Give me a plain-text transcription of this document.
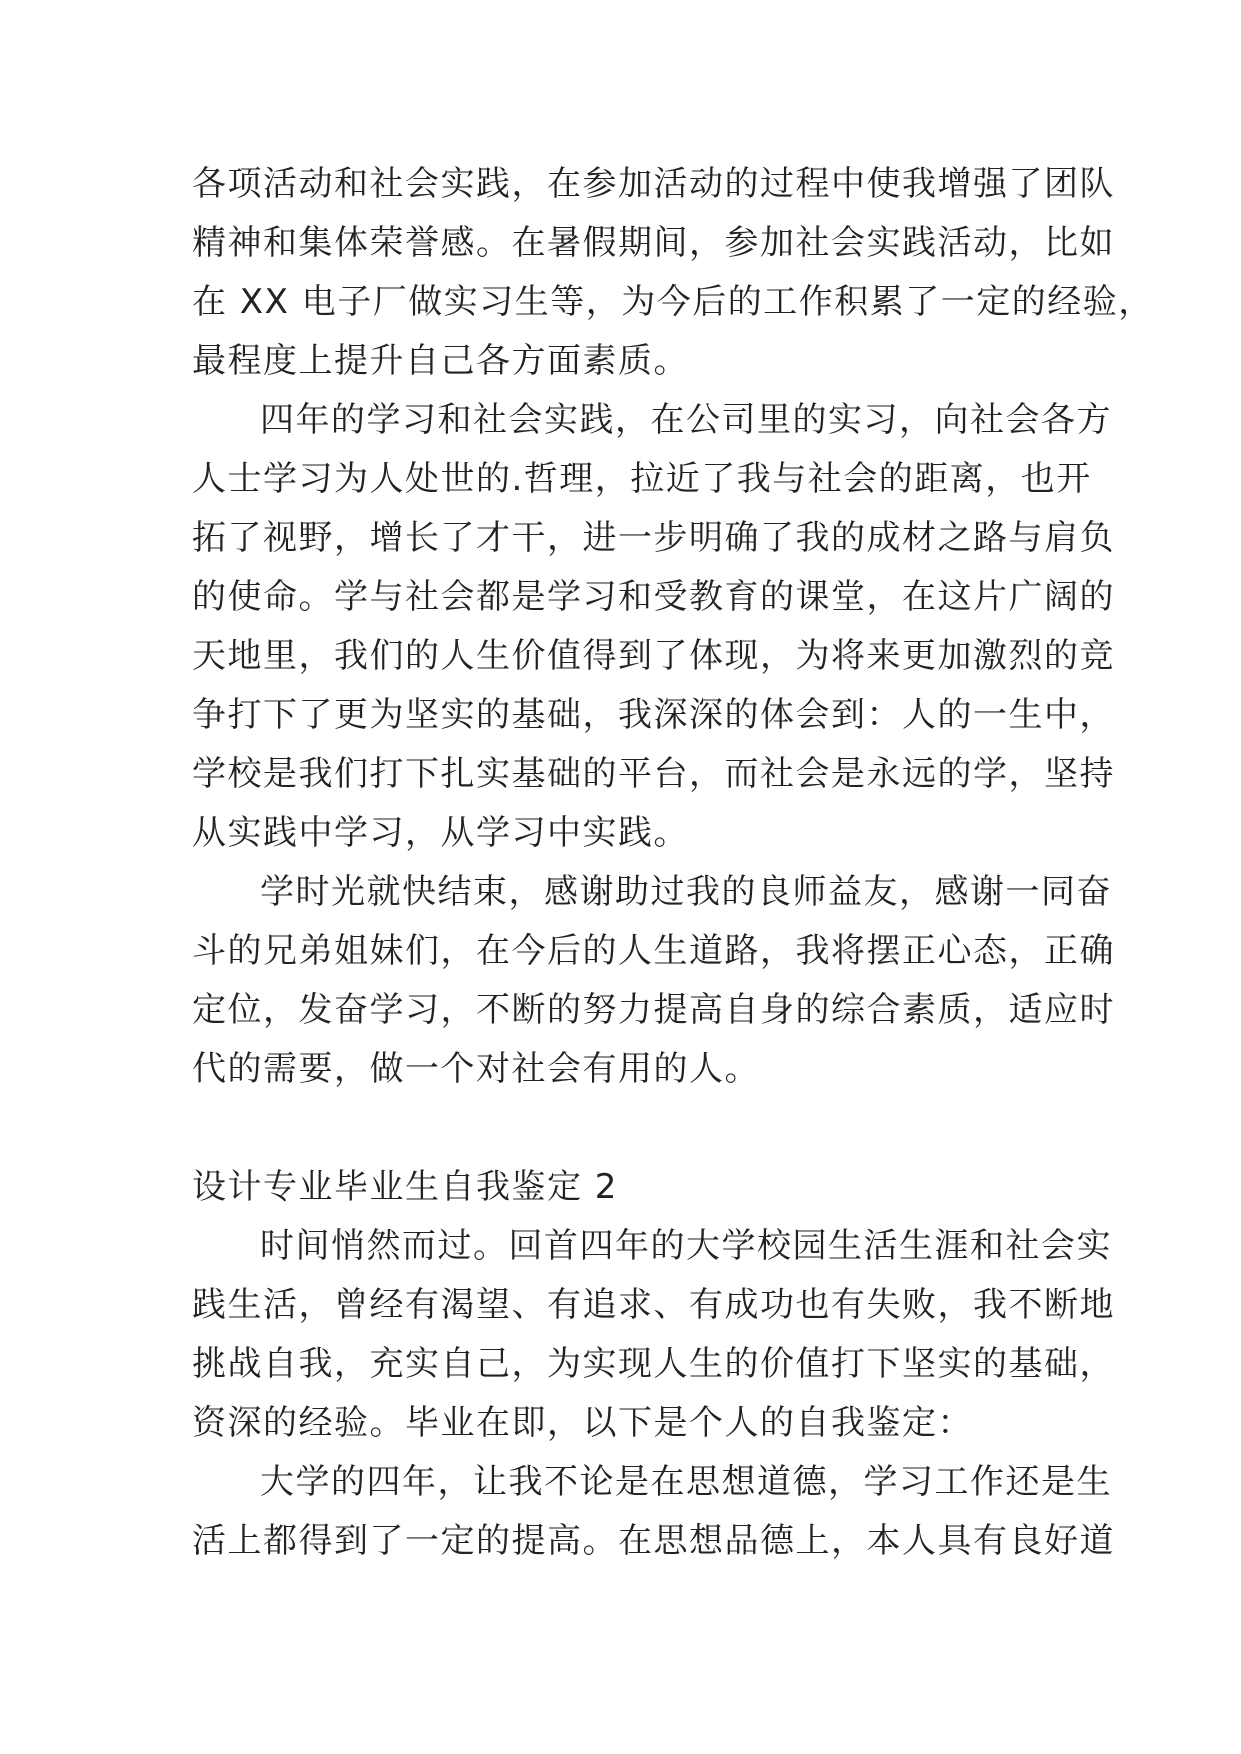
各项活动和社会实践，在参加活动的过程中使我增强了团队
精神和集体荣誉感。在暑假期间，参加社会实践活动，比如
在 XX 电子厂做实习生等，为今后的工作积累了一定的经验，
最程度上提升自己各方面素质。
四年的学习和社会实践，在公司里的实习，向社会各方
人士学习为人处世的.哲理，拉近了我与社会的距离，也开
拓了视野，增长了才干，进一步明确了我的成材之路与肩负
的使命。学与社会都是学习和受教育的课堂，在这片广阔的
天地里，我们的人生价值得到了体现，为将来更加激烈的竞
争打下了更为坚实的基础，我深深的体会到：人的一生中，
学校是我们打下扎实基础的平台，而社会是永远的学，坚持
从实践中学习，从学习中实践。
学时光就快结束，感谢助过我的良师益友，感谢一同奋
斗的兄弟姐妹们，在今后的人生道路，我将摆正心态，正确
定位，发奋学习，不断的努力提高自身的综合素质，适应时
代的需要，做一个对社会有用的人。
设计专业毕业生自我鉴定 2
时间悄然而过。回首四年的大学校园生活生涯和社会实
践生活，曾经有渴望、有追求、有成功也有失败，我不断地
挑战自我，充实自己，为实现人生的价值打下坚实的基础，
资深的经验。毕业在即，以下是个人的自我鉴定：
大学的四年，让我不论是在思想道德，学习工作还是生
活上都得到了一定的提高。在思想品德上，本人具有良好道
